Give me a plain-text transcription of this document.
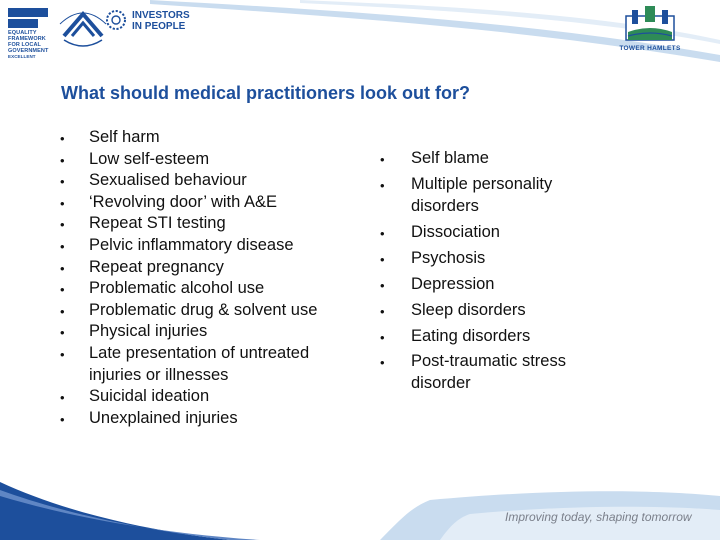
EQUALITY
FRAMEWORK
FOR LOCAL
GOVERNMENT
EXCELLENT
INVESTORS
IN PEOPLE
TOWER HAMLETS
What should medical practitioners look out for?
• Self harm
• Low self-esteem
• Sexualised behaviour
• ‘Revolving door’ with A&E
• Repeat STI testing
• Pelvic inflammatory disease
• Repeat pregnancy
• Problematic alcohol use
• Problematic drug & solvent use
• Physical injuries
• Late presentation of untreated injuries or illnesses
• Suicidal ideation
• Unexplained injuries
• Self blame
• Multiple personality disorders
• Dissociation
• Psychosis
• Depression
• Sleep disorders
• Eating disorders
• Post-traumatic stress disorder
Improving today, shaping tomorrow
